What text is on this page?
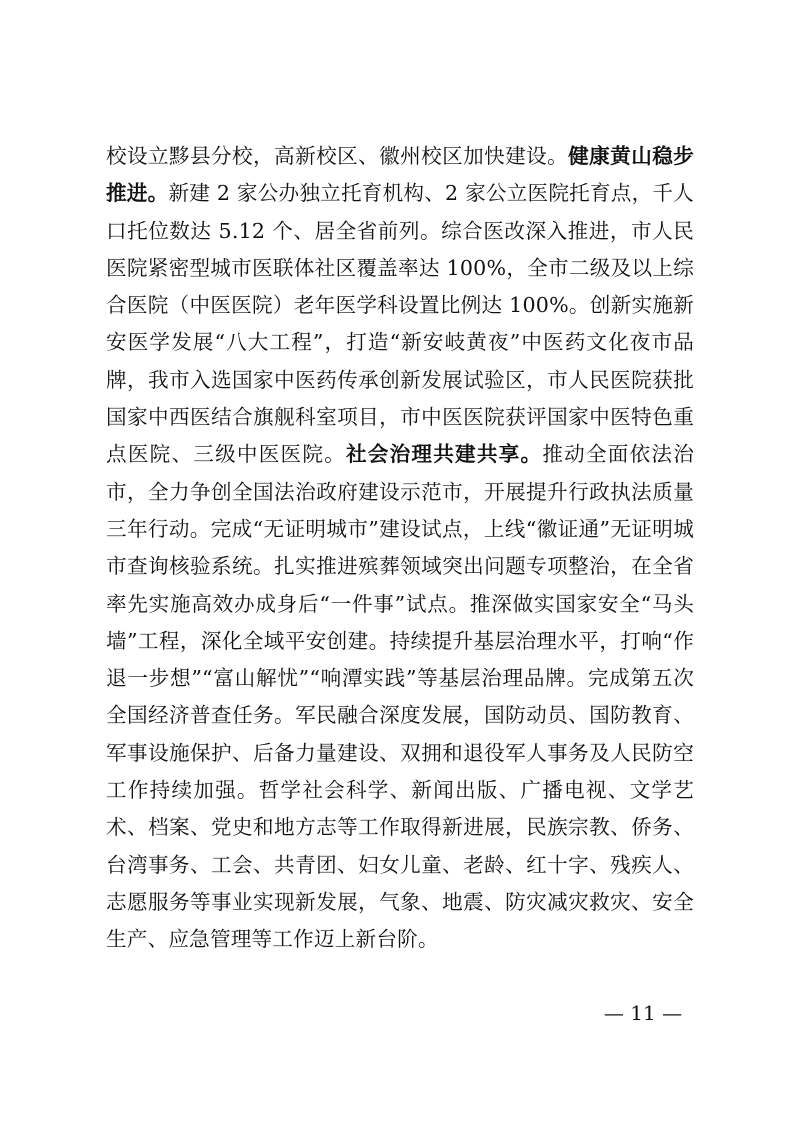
校设立黟县分校，高新校区、徽州校区加快建设。健康黄山稳步推进。新建 2 家公办独立托育机构、2 家公立医院托育点，千人口托位数达 5.12 个、居全省前列。综合医改深入推进，市人民医院紧密型城市医联体社区覆盖率达 100%，全市二级及以上综合医院（中医医院）老年医学科设置比例达 100%。创新实施新安医学发展“八大工程”，打造“新安岐黄夜”中医药文化夜市品牌，我市入选国家中医药传承创新发展试验区，市人民医院获批国家中西医结合旗舰科室项目，市中医医院获评国家中医特色重点医院、三级中医医院。社会治理共建共享。推动全面依法治市，全力争创全国法治政府建设示范市，开展提升行政执法质量三年行动。完成“无证明城市”建设试点，上线“徽证通”无证明城市查询核验系统。扎实推进殡葬领域突出问题专项整治，在全省率先实施高效办成身后“一件事”试点。推深做实国家安全“马头墙”工程，深化全域平安创建。持续提升基层治理水平，打响“作退一步想”“富山解忧”“响潭实践”等基层治理品牌。完成第五次全国经济普查任务。军民融合深度发展，国防动员、国防教育、军事设施保护、后备力量建设、双拥和退役军人事务及人民防空工作持续加强。哲学社会科学、新闻出版、广播电视、文学艺术、档案、党史和地方志等工作取得新进展，民族宗教、侨务、台湾事务、工会、共青团、妇女儿童、老龄、红十字、残疾人、志愿服务等事业实现新发展，气象、地震、防灾减灾救灾、安全生产、应急管理等工作迈上新台阶。

— 11 —
